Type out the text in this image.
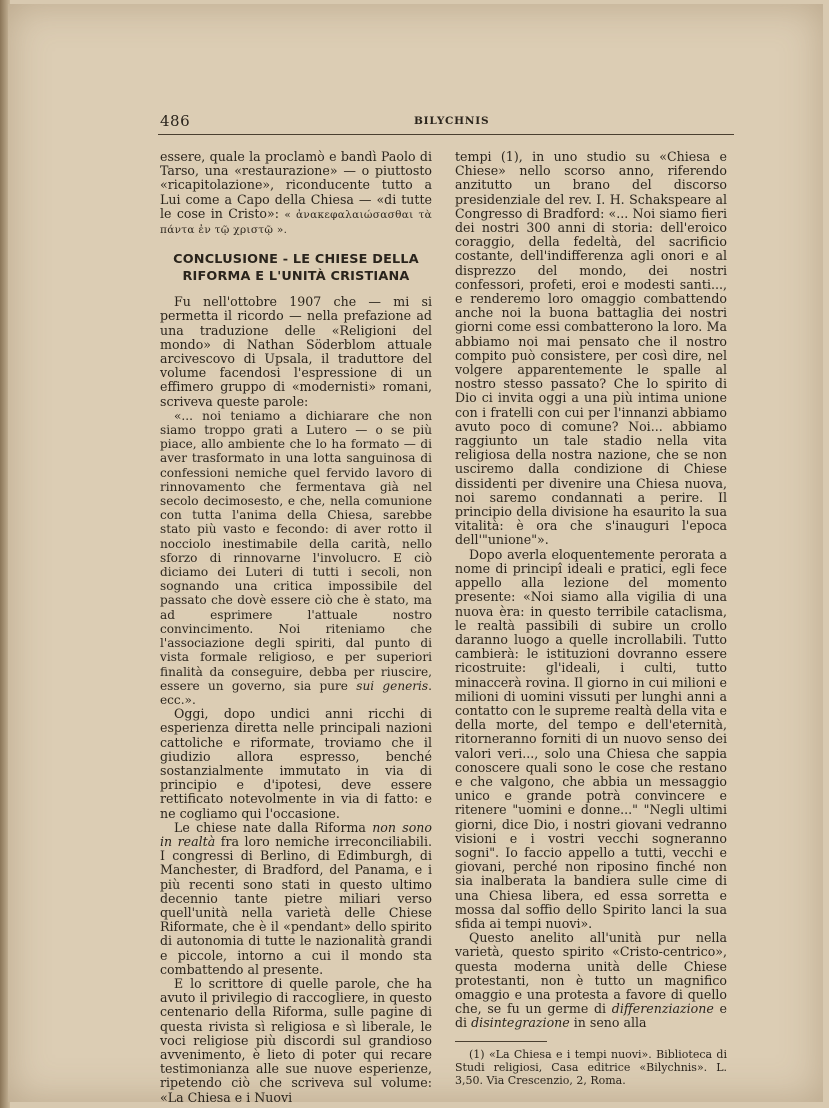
486	BILYCHNIS

essere, quale la proclamò e bandì Paolo di Tarso, una «restaurazione» — o piuttosto «ricapitolazione», riconducente tutto a Lui come a Capo della Chiesa — «di tutte le cose in Cristo»: « ἀνακεφαλαιώσασθαι τὰ πάντα ἐν τῷ χριστῷ ».

CONCLUSIONE - LE CHIESE DELLA
RIFORMA E L'UNITÀ CRISTIANA

Fu nell'ottobre 1907 che — mi si permetta il ricordo — nella prefazione ad una traduzione delle «Religioni del mondo» di Nathan Söderblom attuale arcivescovo di Upsala, il traduttore del volume facendosi l'espressione di un effimero gruppo di «modernisti» romani, scriveva queste parole:

«... noi teniamo a dichiarare che non siamo troppo grati a Lutero — o se più piace, allo ambiente che lo ha formato — di aver trasformato in una lotta sanguinosa di confessioni nemiche quel fervido lavoro di rinnovamento che fermentava già nel secolo decimosesto, e che, nella comunione con tutta l'anima della Chiesa, sarebbe stato più vasto e fecondo: di aver rotto il nocciolo inestimabile della carità, nello sforzo di rinnovarne l'involucro. E ciò diciamo dei Luteri di tutti i secoli, non sognando una critica impossibile del passato che dovè essere ciò che è stato, ma ad esprimere l'attuale nostro convincimento. Noi riteniamo che l'associazione degli spiriti, dal punto di vista formale religioso, e per superiori finalità da conseguire, debba per riuscire, essere un governo, sia pure sui generis. ecc.».

Oggi, dopo undici anni ricchi di esperienza diretta nelle principali nazioni cattoliche e riformate, troviamo che il giudizio allora espresso, benché sostanzialmente immutato in via di principio e d'ipotesi, deve essere rettificato notevolmente in via di fatto: e ne cogliamo qui l'occasione.

Le chiese nate dalla Riforma non sono in realtà fra loro nemiche irreconciliabili. I congressi di Berlino, di Edimburgh, di Manchester, di Bradford, del Panama, e i più recenti sono stati in questo ultimo decennio tante pietre miliari verso quell'unità nella varietà delle Chiese Riformate, che è il «pendant» dello spirito di autonomia di tutte le nazionalità grandi e piccole, intorno a cui il mondo sta combattendo al presente.

E lo scrittore di quelle parole, che ha avuto il privilegio di raccogliere, in questo centenario della Riforma, sulle pagine di questa rivista sì religiosa e sì liberale, le voci religiose più discordi sul grandioso avvenimento, è lieto di poter qui recare testimonianza alle sue nuove esperienze, ripetendo ciò che scriveva sul volume: «La Chiesa e i Nuovi

tempi (1), in uno studio su «Chiesa e Chiese» nello scorso anno, riferendo anzitutto un brano del discorso presidenziale del rev. I. H. Schakspeare al Congresso di Bradford: «... Noi siamo fieri dei nostri 300 anni di storia: dell'eroico coraggio, della fedeltà, del sacrificio costante, dell'indifferenza agli onori e al disprezzo del mondo, dei nostri confessori, profeti, eroi e modesti santi..., e renderemo loro omaggio combattendo anche noi la buona battaglia dei nostri giorni come essi combatterono la loro. Ma abbiamo noi mai pensato che il nostro compito può consistere, per così dire, nel volgere apparentemente le spalle al nostro stesso passato? Che lo spirito di Dio ci invita oggi a una più intima unione con i fratelli con cui per l'innanzi abbiamo avuto poco di comune? Noi... abbiamo raggiunto un tale stadio nella vita religiosa della nostra nazione, che se non usciremo dalla condizione di Chiese dissidenti per divenire una Chiesa nuova, noi saremo condannati a perire. Il principio della divisione ha esaurito la sua vitalità: è ora che s'inauguri l'epoca dell'"unione"».

Dopo averla eloquentemente perorata a nome di principî ideali e pratici, egli fece appello alla lezione del momento presente: «Noi siamo alla vigilia di una nuova èra: in questo terribile cataclisma, le realtà passibili di subire un crollo daranno luogo a quelle incrollabili. Tutto cambierà: le istituzioni dovranno essere ricostruite: gl'ideali, i culti, tutto minaccerà rovina. Il giorno in cui milioni e milioni di uomini vissuti per lunghi anni a contatto con le supreme realtà della vita e della morte, del tempo e dell'eternità, ritorneranno forniti di un nuovo senso dei valori veri..., solo una Chiesa che sappia conoscere quali sono le cose che restano e che valgono, che abbia un messaggio unico e grande potrà convincere e ritenere "uomini e donne..." "Negli ultimi giorni, dice Dio, i nostri giovani vedranno visioni e i vostri vecchi sogneranno sogni". Io faccio appello a tutti, vecchi e giovani, perché non riposino finché non sia inalberata la bandiera sulle cime di una Chiesa libera, ed essa sorretta e mossa dal soffio dello Spirito lanci la sua sfida ai tempi nuovi».

Questo anelito all'unità pur nella varietà, questo spirito «Cristo-centrico», questa moderna unità delle Chiese protestanti, non è tutto un magnifico omaggio e una protesta a favore di quello che, se fu un germe di differenziazione e di disintegrazione in seno alla

(1) «La Chiesa e i tempi nuovi». Biblioteca di Studi religiosi, Casa editrice «Bilychnis». L. 3,50. Via Crescenzio, 2, Roma.
